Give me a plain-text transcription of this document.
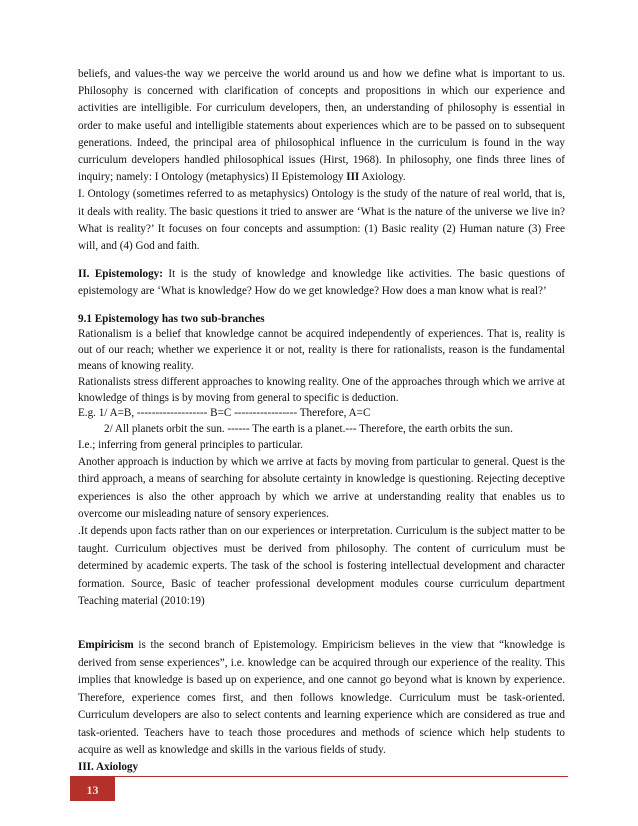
beliefs, and values-the way we perceive the world around us and how we define what is important to us. Philosophy is concerned with clarification of concepts and propositions in which our experience and activities are intelligible. For curriculum developers, then, an understanding of philosophy is essential in order to make useful and intelligible statements about experiences which are to be passed on to subsequent generations. Indeed, the principal area of philosophical influence in the curriculum is found in the way curriculum developers handled philosophical issues (Hirst, 1968). In philosophy, one finds three lines of inquiry; namely: I Ontology (metaphysics) II Epistemology III Axiology.

I. Ontology (sometimes referred to as metaphysics) Ontology is the study of the nature of real world, that is, it deals with reality. The basic questions it tried to answer are ‘What is the nature of the universe we live in? What is reality?’ It focuses on four concepts and assumption: (1) Basic reality (2) Human nature (3) Free will, and (4) God and faith.

II. Epistemology: It is the study of knowledge and knowledge like activities. The basic questions of epistemology are ‘What is knowledge? How do we get knowledge? How does a man know what is real?’

9.1 Epistemology has two sub-branches

Rationalism is a belief that knowledge cannot be acquired independently of experiences. That is, reality is out of our reach; whether we experience it or not, reality is there for rationalists, reason is the fundamental means of knowing reality.

Rationalists stress different approaches to knowing reality. One of the approaches through which we arrive at knowledge of things is by moving from general to specific is deduction.

E.g. 1/ A=B, ------------------- B=C ----------------- Therefore, A=C

2/ All planets orbit the sun. ------ The earth is a planet.--- Therefore, the earth orbits the sun.

I.e.; inferring from general principles to particular.

Another approach is induction by which we arrive at facts by moving from particular to general. Quest is the third approach, a means of searching for absolute certainty in knowledge is questioning. Rejecting deceptive experiences is also the other approach by which we arrive at understanding reality that enables us to overcome our misleading nature of sensory experiences.

.It depends upon facts rather than on our experiences or interpretation. Curriculum is the subject matter to be taught. Curriculum objectives must be derived from philosophy. The content of curriculum must be determined by academic experts. The task of the school is fostering intellectual development and character formation. Source, Basic of teacher professional development modules course curriculum department Teaching material (2010:19)

Empiricism is the second branch of Epistemology. Empiricism believes in the view that “knowledge is derived from sense experiences”, i.e. knowledge can be acquired through our experience of the reality. This implies that knowledge is based up on experience, and one cannot go beyond what is known by experience. Therefore, experience comes first, and then follows knowledge. Curriculum must be task-oriented. Curriculum developers are also to select contents and learning experience which are considered as true and task-oriented. Teachers have to teach those procedures and methods of science which help students to acquire as well as knowledge and skills in the various fields of study.

III. Axiology

13
